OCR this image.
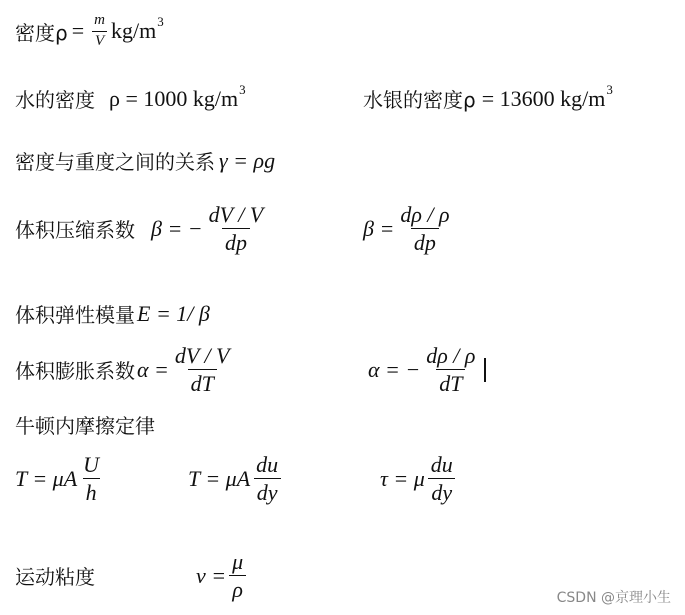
密度$\rho = \frac{m}{V} kg/m$ 3
水的密度 ρ = 1000 kg/m 3	水银的密度ρ = 13600 kg/m 3
密度与重度之间的关系 γ = ρg
体积压缩系数 β = − $\frac{dV / V}{dp}$	$\beta = \frac{d\rho / \rho}{dp}$
体积弹性模量 E = 1/ β
体积膨胀系数 $\alpha = \frac{dV / V}{dT}$	α = − $\frac{d\rho / \rho}{dT}$
牛顿内摩擦定律
T = μA $\frac{U}{h}$	T = μA $\frac{du}{dy}$	τ = μ $\frac{du}{dy}$
运动粘度	$\nu = \frac{\mu}{\rho}$	CSDN @京理小生
